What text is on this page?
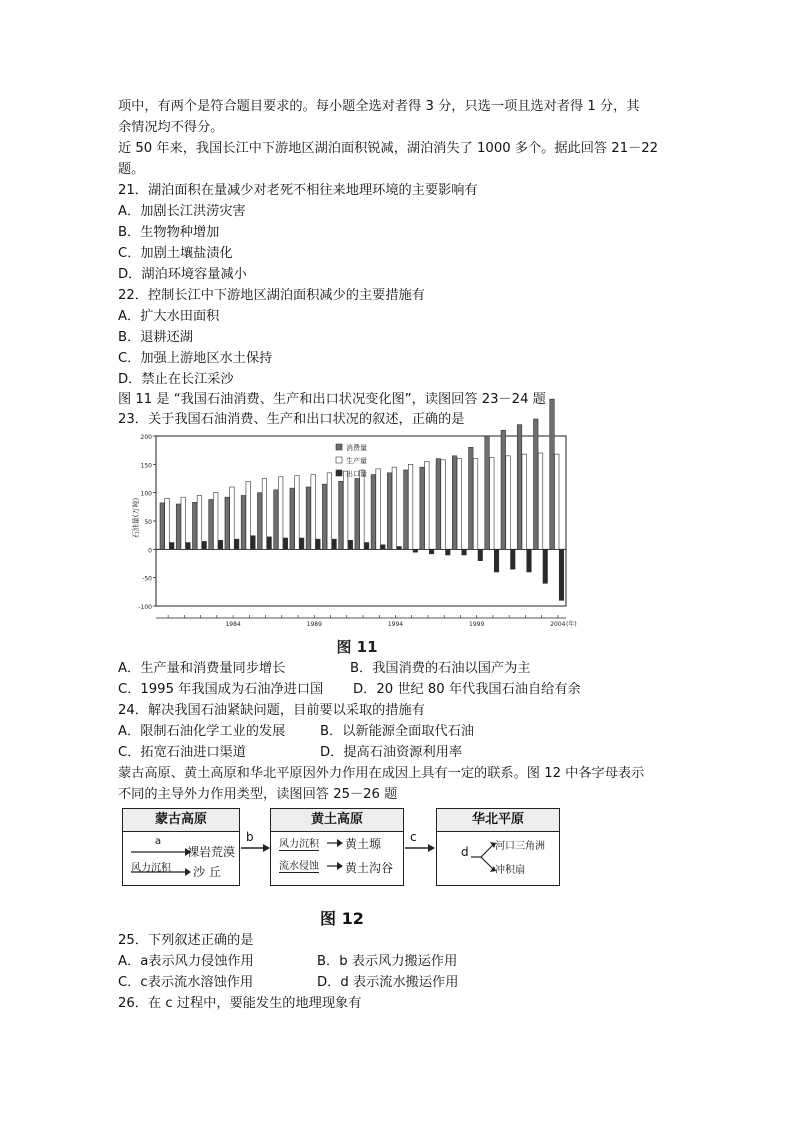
项中，有两个是符合题目要求的。每小题全选对者得 3 分，只选一项且选对者得 1 分，其
余情况均不得分。
近 50 年来，我国长江中下游地区湖泊面积锐减，湖泊消失了 1000 多个。据此回答 21－22
题。
21．湖泊面积在量减少对老死不相往来地理环境的主要影响有
A．加剧长江洪涝灾害
B．生物物种增加
C．加剧土壤盐渍化
D．湖泊环境容量减小
22．控制长江中下游地区湖泊面积减少的主要措施有
A．扩大水田面积
B．退耕还湖
C．加强上游地区水土保持
D．禁止在长江采沙
图 11 是 “我国石油消费、生产和出口状况变化图”，读图回答 23－24 题
23．关于我国石油消费、生产和出口状况的叙述，正确的是
200
150
100
50
0
-50
-100
石油量(万吨)
1984	1989	1994	1999	2004 (年)
消费量
生产量
出口量
图 11
A．生产量和消费量同步增长	B．我国消费的石油以国产为主
C．1995 年我国成为石油净进口国 D．20 世纪 80 年代我国石油自给有余
24．解决我国石油紧缺问题，目前要以采取的措施有
A．限制石油化学工业的发展	B．以新能源全面取代石油
C．拓宽石油进口渠道	D．提高石油资源利用率
蒙古高原、黄土高原和华北平原因外力作用在成因上具有一定的联系。图 12 中各字母表示
不同的主导外力作用类型，读图回答 25－26 题
蒙古高原
a
裸岩荒漠
风力沉积 沙 丘
b
黄土高原
风力沉积 黄土塬
流水侵蚀 黄土沟谷
c
华北平原
d	河口三角洲
冲积扇
图 12
25．下列叙述正确的是
A．a表示风力侵蚀作用	B．b 表示风力搬运作用
C．c表示流水溶蚀作用	D．d 表示流水搬运作用
26．在 c 过程中，要能发生的地理现象有
